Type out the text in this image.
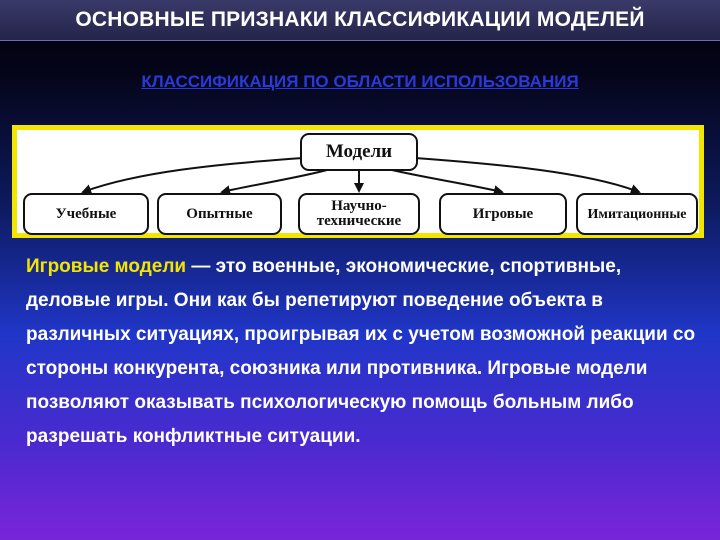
ОСНОВНЫЕ ПРИЗНАКИ КЛАССИФИКАЦИИ МОДЕЛЕЙ
КЛАССИФИКАЦИЯ ПО ОБЛАСТИ ИСПОЛЬЗОВАНИЯ
Модели
Учебные	Опытные	Научно-
технические	Игровые	Имитационные
Игровые модели — это военные, экономические, спортивные, деловые игры. Они как бы репетируют поведение объекта в различных ситуациях, проигрывая их с учетом возможной реакции со стороны конкурента, союзника или противника. Игровые модели позволяют оказывать психологическую помощь больным либо разрешать конфликтные ситуации.
